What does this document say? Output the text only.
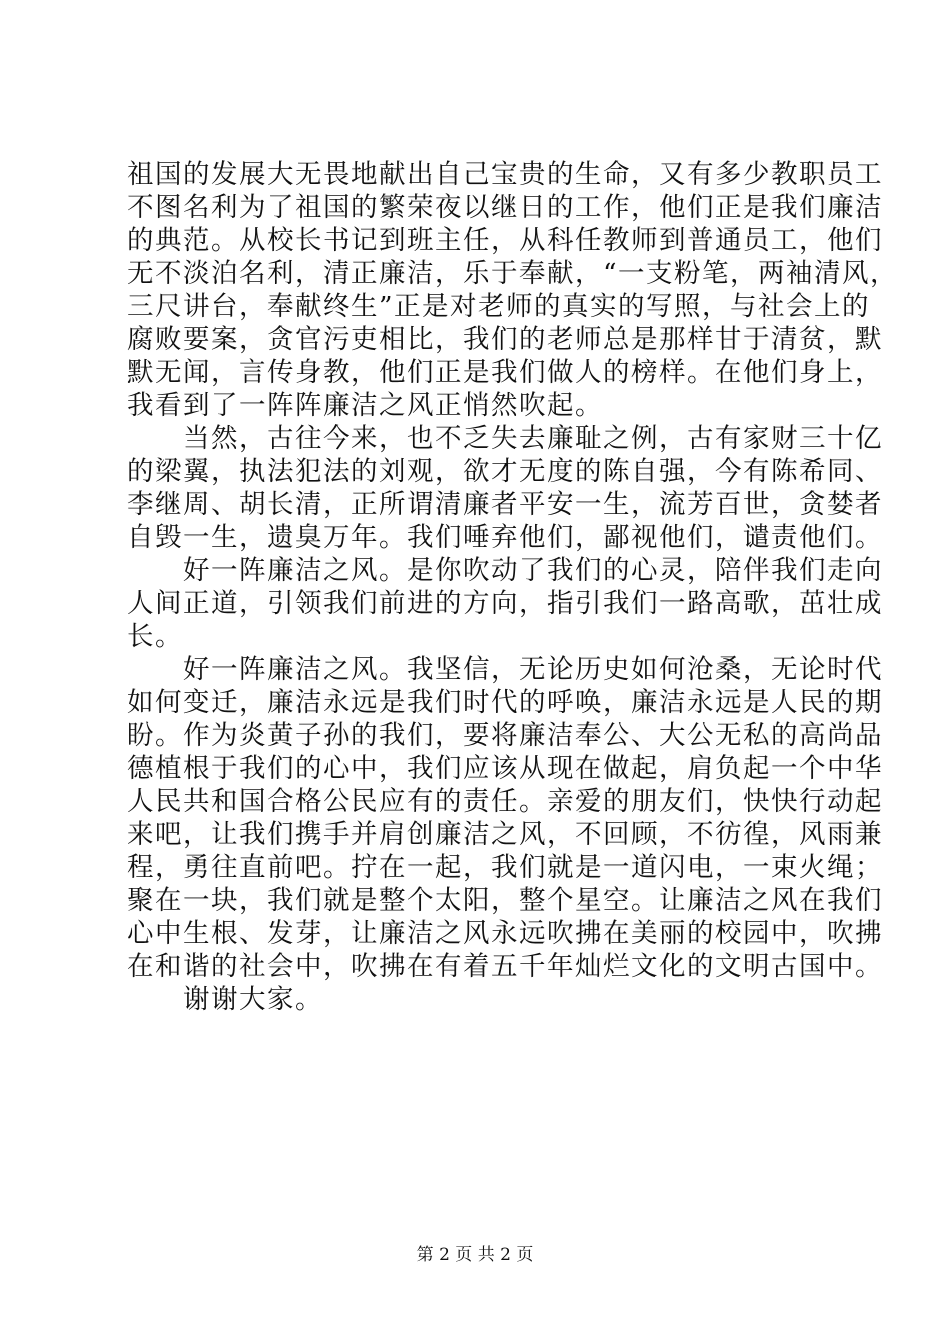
祖国的发展大无畏地献出自己宝贵的生命，又有多少教职员工
不图名利为了祖国的繁荣夜以继日的工作，他们正是我们廉洁
的典范。从校长书记到班主任，从科任教师到普通员工，他们
无不淡泊名利，清正廉洁，乐于奉献，“一支粉笔，两袖清风，
三尺讲台，奉献终生”正是对老师的真实的写照，与社会上的
腐败要案，贪官污吏相比，我们的老师总是那样甘于清贫，默
默无闻，言传身教，他们正是我们做人的榜样。在他们身上，
我看到了一阵阵廉洁之风正悄然吹起。
当然，古往今来，也不乏失去廉耻之例，古有家财三十亿
的梁翼，执法犯法的刘观，欲才无度的陈自强，今有陈希同、
李继周、胡长清，正所谓清廉者平安一生，流芳百世，贪婪者
自毁一生，遗臭万年。我们唾弃他们，鄙视他们，谴责他们。
好一阵廉洁之风。是你吹动了我们的心灵，陪伴我们走向
人间正道，引领我们前进的方向，指引我们一路高歌，茁壮成
长。
好一阵廉洁之风。我坚信，无论历史如何沧桑，无论时代
如何变迁，廉洁永远是我们时代的呼唤，廉洁永远是人民的期
盼。作为炎黄子孙的我们，要将廉洁奉公、大公无私的高尚品
德植根于我们的心中，我们应该从现在做起，肩负起一个中华
人民共和国合格公民应有的责任。亲爱的朋友们，快快行动起
来吧，让我们携手并肩创廉洁之风，不回顾，不彷徨，风雨兼
程，勇往直前吧。拧在一起，我们就是一道闪电，一束火绳；
聚在一块，我们就是整个太阳，整个星空。让廉洁之风在我们
心中生根、发芽，让廉洁之风永远吹拂在美丽的校园中，吹拂
在和谐的社会中，吹拂在有着五千年灿烂文化的文明古国中。
谢谢大家。
第 2 页 共 2 页
